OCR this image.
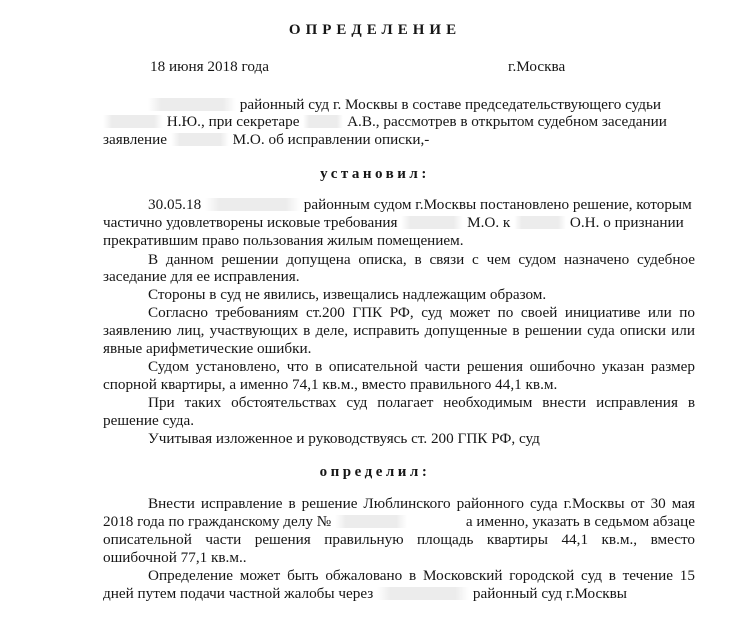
ОПРЕДЕЛЕНИЕ
18 июня 2018 года	г.Москва
районный суд г. Москвы в составе председательствующего судьи
Н.Ю., при секретаре	А.В., рассмотрев в открытом судебном заседании
заявление	М.О. об исправлении описки,-
установил:
30.05.18	районным судом г.Москвы постановлено решение, которым
частично удовлетворены исковые требования	М.О. к	О.Н. о признании
прекратившим право пользования жилым помещением.
В данном решении допущена описка, в связи с чем судом назначено судебное
заседание для ее исправления.
Стороны в суд не явились, извещались надлежащим образом.
Согласно требованиям ст.200 ГПК РФ, суд может по своей инициативе или по
заявлению лиц, участвующих в деле, исправить допущенные в решении суда описки или
явные арифметические ошибки.
Судом установлено, что в описательной части решения ошибочно указан размер
спорной квартиры, а именно 74,1 кв.м., вместо правильного 44,1 кв.м.
При таких обстоятельствах суд полагает необходимым внести исправления в
решение суда.
Учитывая изложенное и руководствуясь ст. 200 ГПК РФ, суд
определил:
Внести исправление в решение Люблинского районного суда г.Москвы от 30 мая
2018 года по гражданскому делу №	а именно, указать в седьмом абзаце
описательной части решения правильную площадь квартиры 44,1 кв.м., вместо
ошибочной 77,1 кв.м..
Определение может быть обжаловано в Московский городской суд в течение 15
дней путем подачи частной жалобы через	районный суд г.Москвы
